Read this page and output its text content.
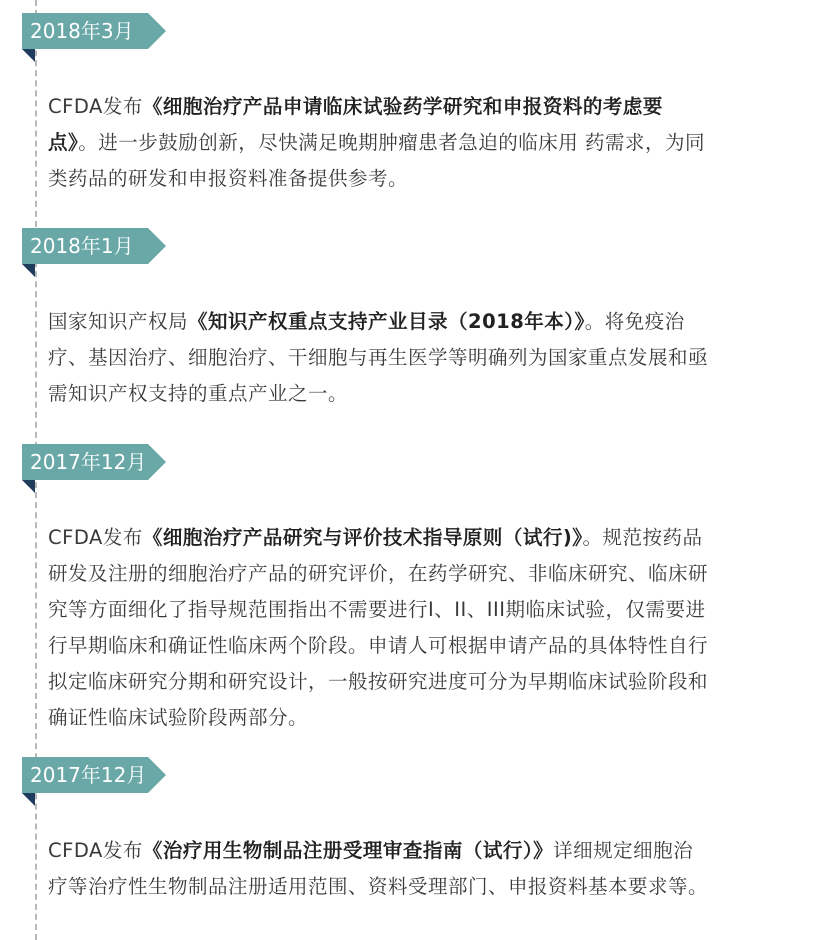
2018年3月
CFDA发布《细胞治疗产品申请临床试验药学研究和申报资料的考虑要点》。进一步鼓励创新，尽快满足晚期肿瘤患者急迫的临床用 药需求，为同类药品的研发和申报资料准备提供参考。
2018年1月
国家知识产权局《知识产权重点支持产业目录（2018年本）》。将免疫治疗、基因治疗、细胞治疗、干细胞与再生医学等明确列为国家重点发展和亟需知识产权支持的重点产业之一。
2017年12月
CFDA发布《细胞治疗产品研究与评价技术指导原则（试行)》。规范按药品研发及注册的细胞治疗产品的研究评价，在药学研究、非临床研究、临床研究等方面细化了指导规范围指出不需要进行I、II、III期临床试验，仅需要进行早期临床和确证性临床两个阶段。申请人可根据申请产品的具体特性自行拟定临床研究分期和研究设计，一般按研究进度可分为早期临床试验阶段和确证性临床试验阶段两部分。
2017年12月
CFDA发布《治疗用生物制品注册受理审查指南（试行）》详细规定细胞治疗等治疗性生物制品注册适用范围、资料受理部门、申报资料基本要求等。
